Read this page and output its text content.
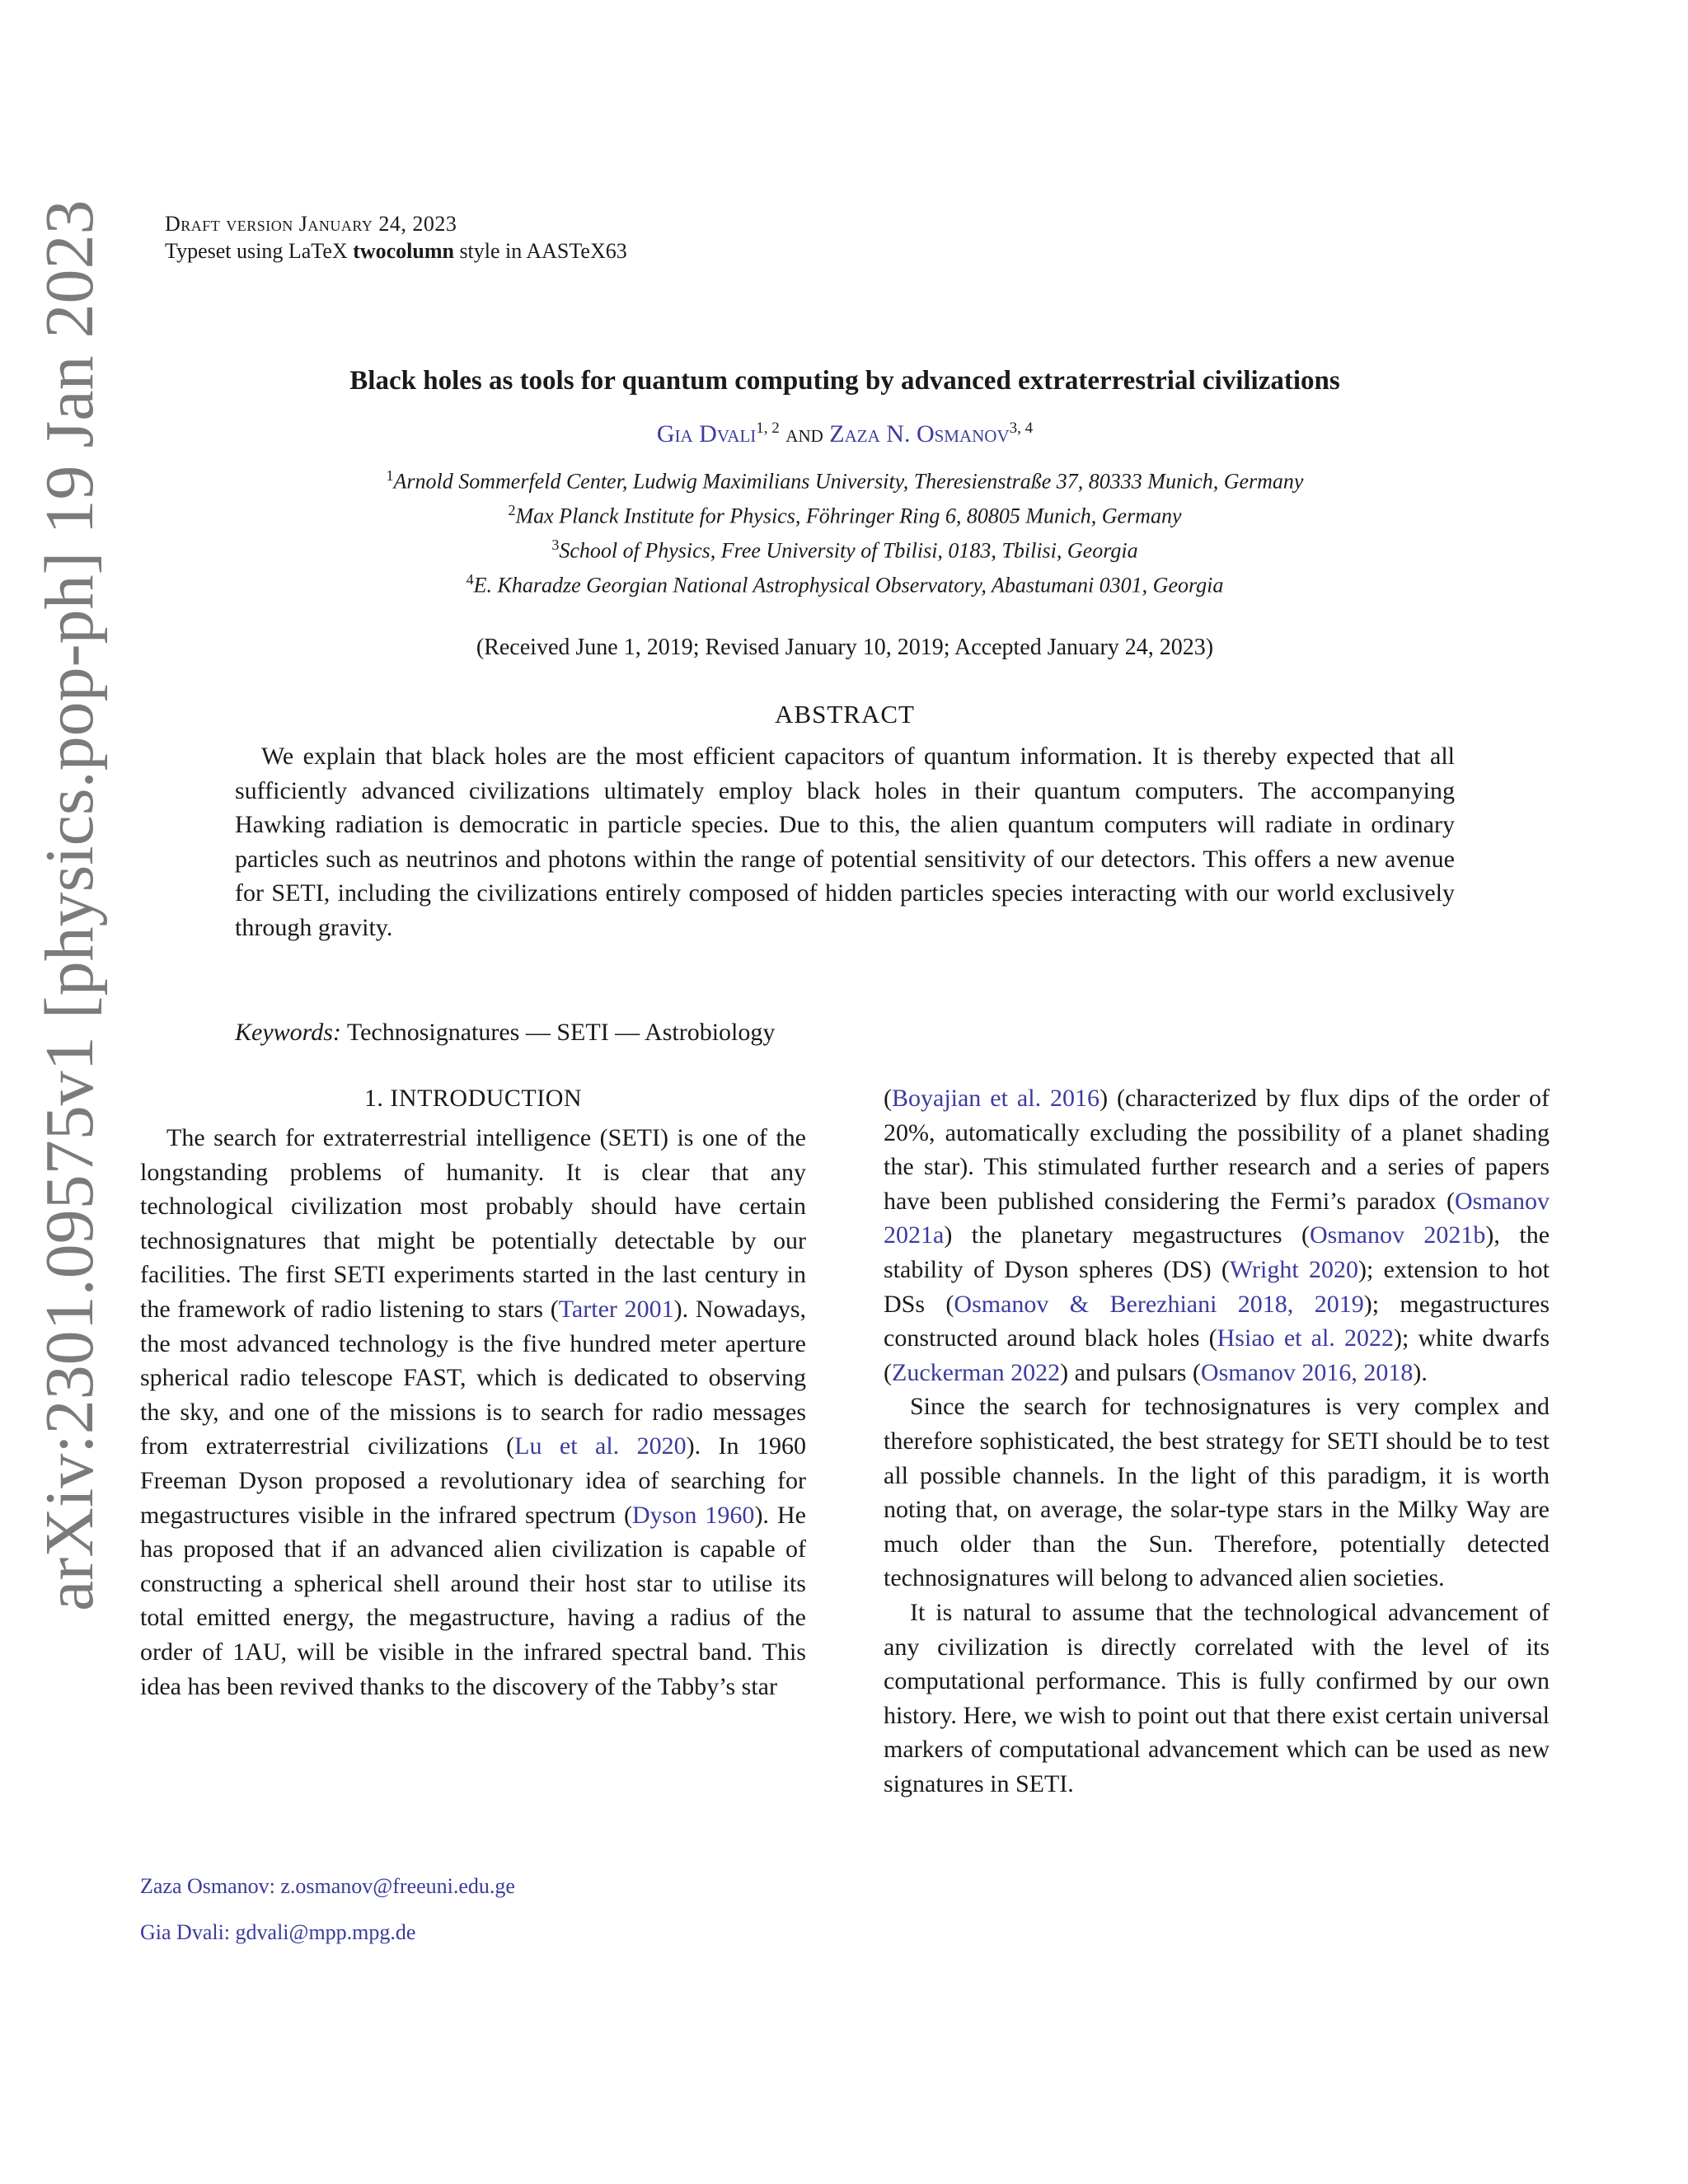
Draft version January 24, 2023
Typeset using LaTeX twocolumn style in AASTeX63
arXiv:2301.09575v1 [physics.pop-ph] 19 Jan 2023	Black holes as tools for quantum computing by advanced extraterrestrial civilizations
Gia Dvali$^{1, 2}$ and Zaza N. Osmanov$^{3, 4}$
$^1$Arnold Sommerfeld Center, Ludwig Maximilians University, Theresienstraße 37, 80333 Munich, Germany
$^2$Max Planck Institute for Physics, Föhringer Ring 6, 80805 Munich, Germany
$^3$School of Physics, Free University of Tbilisi, 0183, Tbilisi, Georgia
$^4$E. Kharadze Georgian National Astrophysical Observatory, Abastumani 0301, Georgia
(Received June 1, 2019; Revised January 10, 2019; Accepted January 24, 2023)
ABSTRACT

We explain that black holes are the most efficient capacitors of quantum information. It is thereby expected that all sufficiently advanced civilizations ultimately employ black holes in their quantum computers. The accompanying Hawking radiation is democratic in particle species. Due to this, the alien quantum computers will radiate in ordinary particles such as neutrinos and photons within the range of potential sensitivity of our detectors. This offers a new avenue for SETI, including the civilizations entirely composed of hidden particles species interacting with our world exclusively through gravity.

Keywords: Technosignatures — SETI — Astrobiology
1. INTRODUCTION

The search for extraterrestrial intelligence (SETI) is one of the longstanding problems of humanity. It is clear that any technological civilization most probably should have certain technosignatures that might be potentially detectable by our facilities. The first SETI experiments started in the last century in the framework of radio listening to stars (Tarter 2001). Nowadays, the most advanced technology is the five hundred meter aperture spherical radio telescope FAST, which is dedicated to observing the sky, and one of the missions is to search for radio messages from extraterrestrial civilizations (Lu et al. 2020). In 1960 Freeman Dyson proposed a revolutionary idea of searching for megastructures visible in the infrared spectrum (Dyson 1960). He has proposed that if an advanced alien civilization is capable of constructing a spherical shell around their host star to utilise its total emitted energy, the megastructure, having a radius of the order of 1AU, will be visible in the infrared spectral band. This idea has been revived thanks to the discovery of the Tabby’s star

(Boyajian et al. 2016) (characterized by flux dips of the order of 20%, automatically excluding the possibility of a planet shading the star). This stimulated further research and a series of papers have been published considering the Fermi’s paradox (Osmanov 2021a) the planetary megastructures (Osmanov 2021b), the stability of Dyson spheres (DS) (Wright 2020); extension to hot DSs (Osmanov & Berezhiani 2018, 2019); megastructures constructed around black holes (Hsiao et al. 2022); white dwarfs (Zuckerman 2022) and pulsars (Osmanov 2016, 2018).

Since the search for technosignatures is very complex and therefore sophisticated, the best strategy for SETI should be to test all possible channels. In the light of this paradigm, it is worth noting that, on average, the solar-type stars in the Milky Way are much older than the Sun. Therefore, potentially detected technosignatures will belong to advanced alien societies.

It is natural to assume that the technological advancement of any civilization is directly correlated with the level of its computational performance. This is fully confirmed by our own history. Here, we wish to point out that there exist certain universal markers of computational advancement which can be used as new signatures in SETI.

Zaza Osmanov: z.osmanov@freeuni.edu.ge
Gia Dvali: gdvali@mpp.mpg.de
